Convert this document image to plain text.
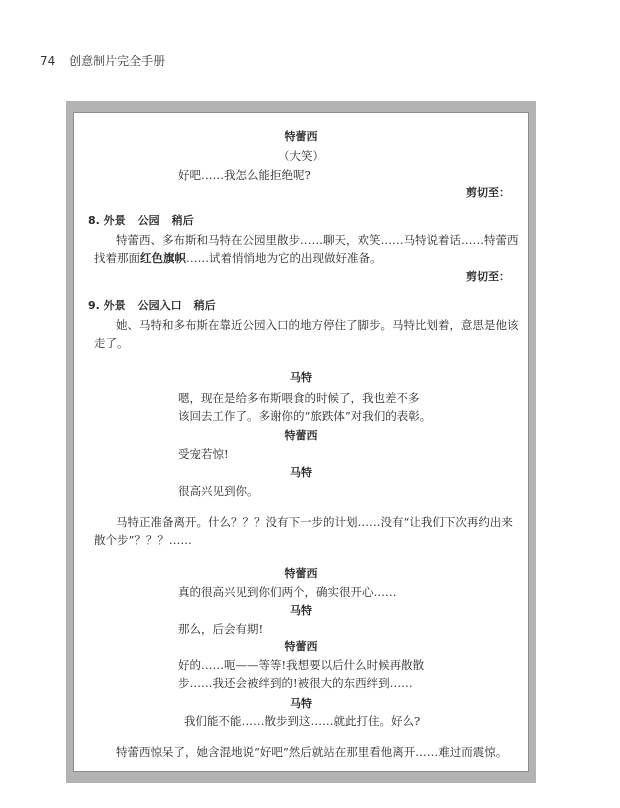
74 创意制片完全手册
特蕾西
（大笑）
好吧……我怎么能拒绝呢?
剪切至：
8. 外景 公园 稍后
特蕾西、多布斯和马特在公园里散步……聊天，欢笑……马特说着话……特蕾西
找着那面红色旗帜……试着悄悄地为它的出现做好准备。
剪切至：
9. 外景 公园入口 稍后
她、马特和多布斯在靠近公园入口的地方停住了脚步。马特比划着，意思是他该
走了。
马特
嗯，现在是给多布斯喂食的时候了，我也差不多
该回去工作了。多谢你的“旅跌体”对我们的表彰。
特蕾西
受宠若惊!
马特
很高兴见到你。
马特正准备离开。什么？？？没有下一步的计划……没有“让我们下次再约出来
散个步”？？？……
特蕾西
真的很高兴见到你们两个，确实很开心……
马特
那么，后会有期!
特蕾西
好的……呃——等等!我想要以后什么时候再散散
步……我还会被绊到的!被很大的东西绊到……
马特
我们能不能……散步到这……就此打住。好么?
特蕾西惊呆了，她含混地说“好吧”然后就站在那里看他离开……难过而震惊。
